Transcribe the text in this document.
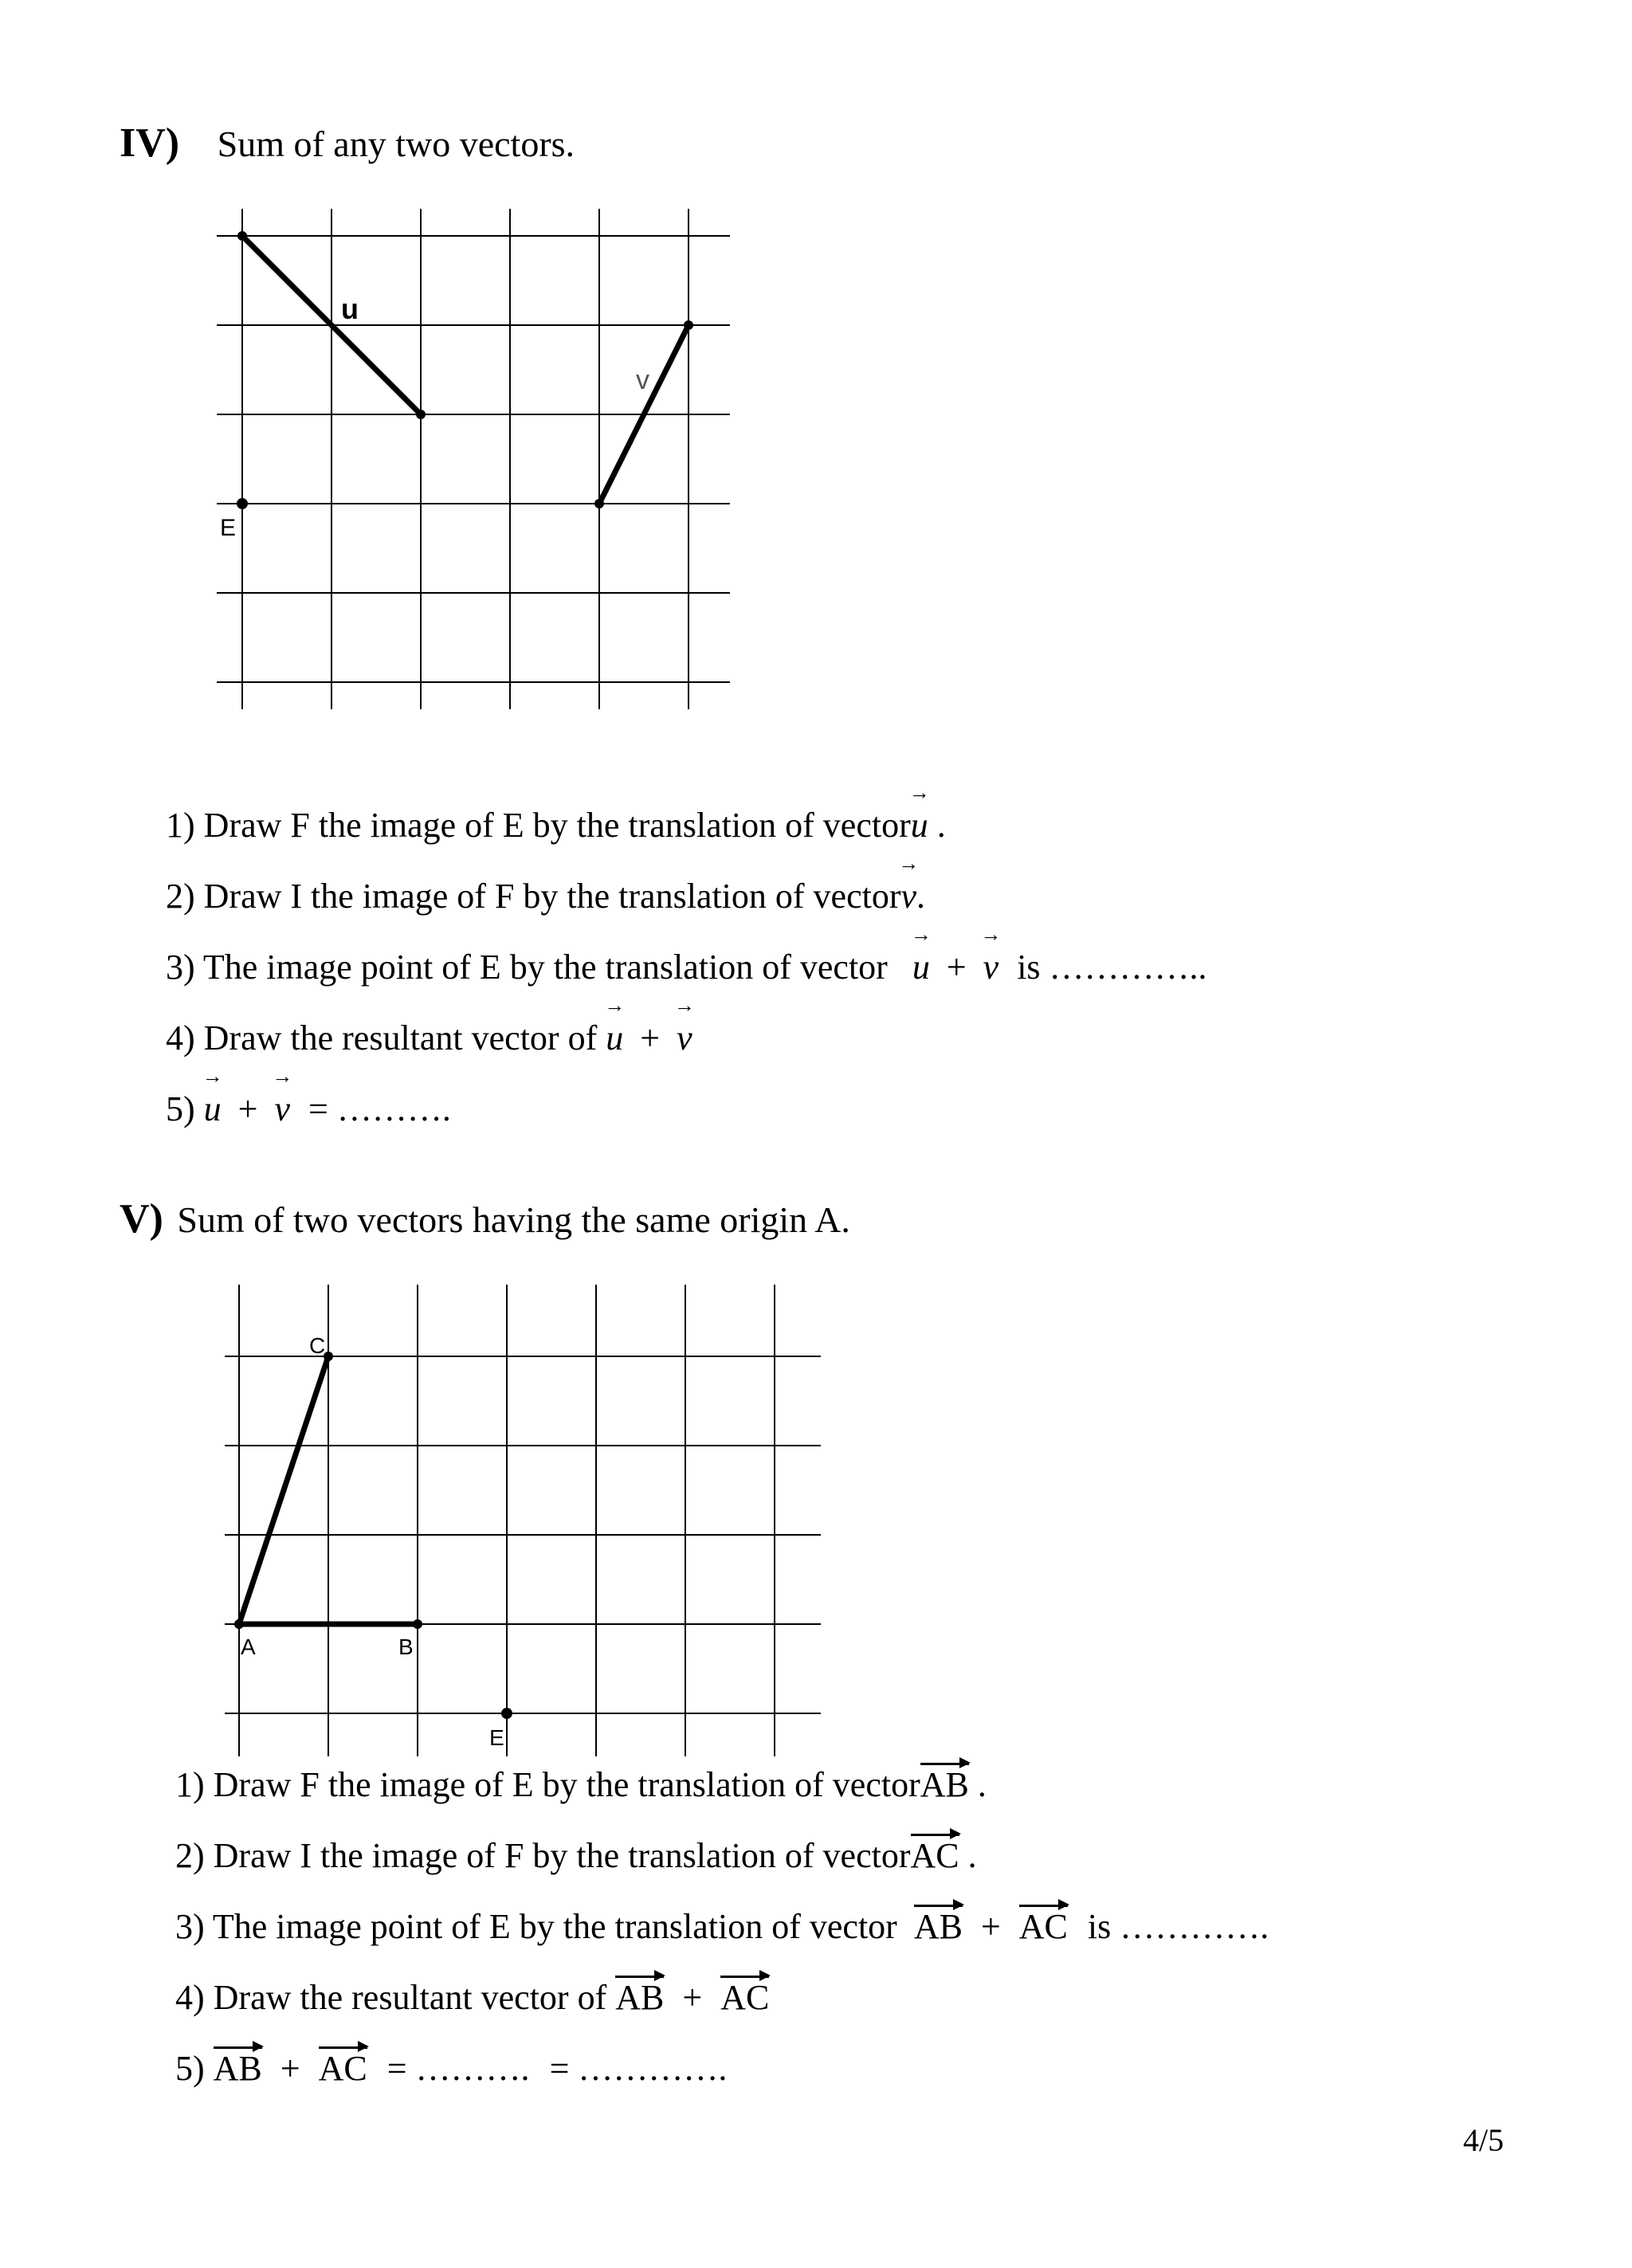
IV) Sum of any two vectors.
u
v
E
A	B
C
E
1) Draw F the image of E by the translation of vector→ u .
2) Draw I the image of F by the translation of vector→ v.
3) The image point of E by the translation of vector → u + → v is …………..
4) Draw the resultant vector of → u + → v
5) → u + → v = ……….
V) Sum of two vectors having the same origin A.
1) Draw F the image of E by the translation of vectorAB .
2) Draw I the image of F by the translation of vectorAC .
3) The image point of E by the translation of vector AB + AC is ………….
4) Draw the resultant vector of AB + AC
5) AB + AC = ………. = ………….
4/5
